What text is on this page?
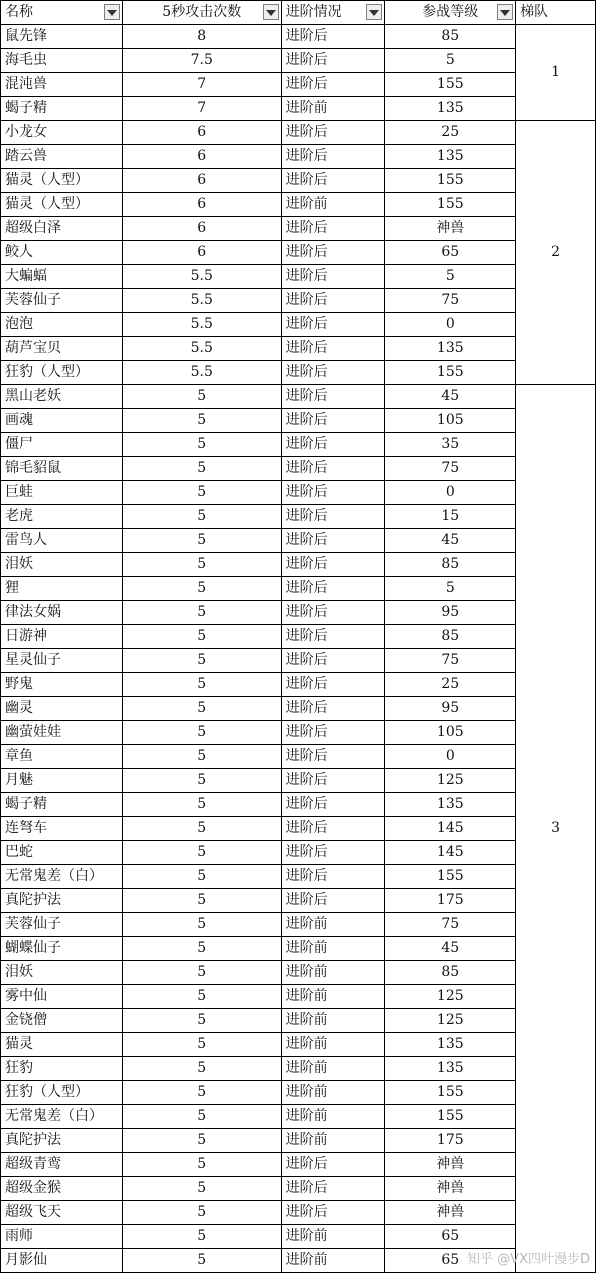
名称	5秒攻击次数	进阶情况	参战等级	梯队
鼠先锋	8	进阶后	85	1
海毛虫	7.5	进阶后	5	
混沌兽	7	进阶后	155	
蝎子精	7	进阶前	135	
小龙女	6	进阶后	25	2
踏云兽	6	进阶后	135	
猫灵（人型）	6	进阶后	155	
猫灵（人型）	6	进阶前	155	
超级白泽	6	进阶后	神兽	
鲛人	6	进阶后	65	
大蝙蝠	5.5	进阶后	5	
芙蓉仙子	5.5	进阶后	75	
泡泡	5.5	进阶后	0	
葫芦宝贝	5.5	进阶后	135	
狂豹（人型）	5.5	进阶后	155	
黑山老妖	5	进阶后	45	3
画魂	5	进阶后	105	
僵尸	5	进阶后	35	
锦毛貂鼠	5	进阶后	75	
巨蛙	5	进阶后	0	
老虎	5	进阶后	15	
雷鸟人	5	进阶后	45	
泪妖	5	进阶后	85	
狸	5	进阶后	5	
律法女娲	5	进阶后	95	
日游神	5	进阶后	85	
星灵仙子	5	进阶后	75	
野鬼	5	进阶后	25	
幽灵	5	进阶后	95	
幽萤娃娃	5	进阶后	105	
章鱼	5	进阶后	0	
月魅	5	进阶后	125	
蝎子精	5	进阶后	135	
连弩车	5	进阶后	145	
巴蛇	5	进阶后	145	
无常鬼差（白）	5	进阶后	155	
真陀护法	5	进阶后	175	
芙蓉仙子	5	进阶前	75	
蝴蝶仙子	5	进阶前	45	
泪妖	5	进阶前	85	
雾中仙	5	进阶前	125	
金铙僧	5	进阶前	125	
猫灵	5	进阶前	135	
狂豹	5	进阶前	135	
狂豹（人型）	5	进阶前	155	
无常鬼差（白）	5	进阶前	155	
真陀护法	5	进阶前	175	
超级青鸾	5	进阶后	神兽	
超级金猴	5	进阶后	神兽	
超级飞天	5	进阶后	神兽	
雨师	5	进阶前	65	
月影仙	5	进阶前	65	知乎 @VX四叶漫步D
